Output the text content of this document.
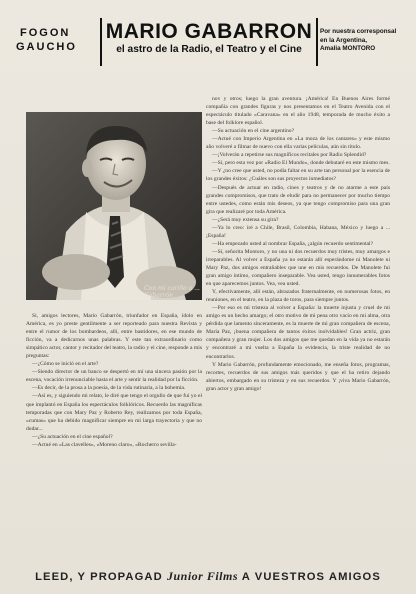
FOGON
GAUCHO
MARIO GABARRON
el astro de la Radio, el Teatro y el Cine
Por nuestra corresponsal
en la Argentina,
Amalia MONTORO
Con mi cariño a ... Gabarrón

nov y otros; luego la gran aventura. ¡América! En Buenos Aires formé compañía con grandes figuras y nos presentamos en el Teatro Avenida con el espectáculo titulado «Caravana» en el año 1948, temporada de mucho éxito a base del folklore español.

—Su actuación en el cine argentino?

—Actué con Imperio Argentina en «La moza de los cantares» y este mismo año volveré a filmar de nuevo con ella varias películas, aún sin título.

—¡Volverán a repetirse sus magníficos recitales por Radio Splendid?

—Sí, pero esta vez por «Radio El Mundo», donde debutaré en este mismo mes.

—Y ¿no cree que usted, no podía faltar en su arte tan personal por la esencia de los grandes éxitos: ¿Cuáles son sus proyectos inmediatos?

—Después de actuar en radio, cines y teatros y de no atarme a este país grandes compromisos, que trato de eludir para no permanecer por mucho tiempo entre ustedes, como están mis deseos, ya que tengo compromiso para una gran gira que realizaré por toda América.

—¿Será muy extensa su gira?

—Ya lo creo: iré a Chile, Brasil, Colombia, Habana, México y luego a ... ¡España!

—Ha empezado usted al nombrar España, ¿algún recuerdo sentimental?

—Sí, señorita Montoro, y no una ni dos recuerdos muy tristes, muy amargos e irreparables. Al volver a España ya no estarán allí esperándome ni Manolete ni Mary Paz, dos amigos entrañables que une en mis recuerdos. De Manolete fui gran amigo íntimo, compañero inseparable. Vea usted, tengo innumerables fotos en que aparecemos juntos. Vea, vea usted.

Y, efectivamente, allí están, abrazados fraternalmente, en numerosas fotos, en reuniones, en el teatro, en la plaza de toros, para siempre juntos.

—Por eso es mi tristeza al volver a España: la muerte injusta y cruel de mi amigo es un hecho amargo; el otro motivo de mi pena otro vacío en mi alma, otra pérdida que lamento sinceramente, es la muerte de mi gran compañera de escena, María Paz, ¡buena compañera de tantos éxitos inolvidables! Gran actriz, gran compañera y gran mujer. Los dos amigos que me quedan en la vida ya no estarán y encontraré a mi vuelta a España la evidencia, la triste realidad de no encontrarlos.

Y Mario Gabarrón, profundamente emocionado, me enseña fotos, programas, recortes, recuerdos de sus amigos más queridos y que el ha retiro dejando abiertos, embargado en su tristeza y en sus recuerdos. Y ¡viva Mario Gabarrón, gran actor y gran amigo!

Si, amigos lectores, Mario Gabarrón, triunfador en España, ídolo en América, es yo preste gentilmente a ser reporteado para nuestra Revista y entre el rumor de los bombardeos, allí, entre bastidores, en ese mundo de ficción, va a dedicarnos unas palabras. Y este tan extraordinario como simpático actor, cantor y recitador del teatro, la radio y el cine, responde a mis preguntas:

—¿Cómo se inició en el arte?

—Siendo director de un banco se despertó en mí una sincera pasión por la escena, vocación irrenunciable hasta el arte y sentir la realidad por la ficción.

—Es decir, de la prosa a la poesía, de la vida rutinaria, a la bohemia.

—Así es, y siguiendo mi relato, le diré que tengo el orgullo de que fui yo el que implantó en España los espectáculos folklóricos. Recuerdo las magníficas temporadas que con Mary Paz y Roberto Rey, realizamos por toda España, «cumas» que ha debido magnificar siempre en mi larga trayectoria y que no dudar...

—¿Su actuación en el cine español?

—Actué en «Las clavelles», «Moreno claro», «Rocherro sevilla-

LEED, Y PROPAGAD Junior Films A VUESTROS AMIGOS
